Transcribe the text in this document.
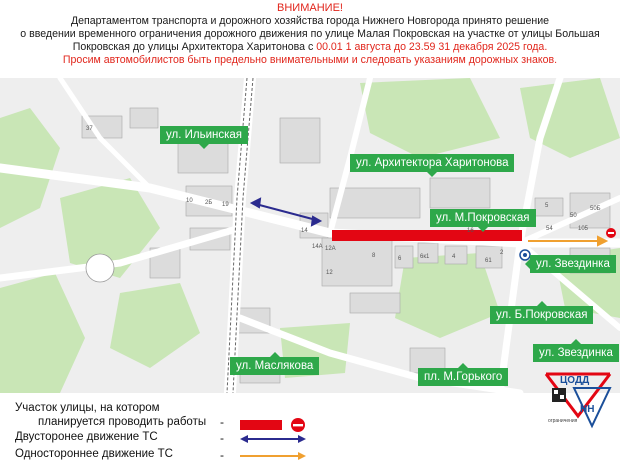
ВНИМАНИЕ!
Департаментом транспорта и дорожного хозяйства города Нижнего Новгорода принято решение
о введении временного ограничения дорожного движения по улице Малая Покровская на участке от улицы Большая
Покровская до улицы Архитектора Харитонова с 00.01 1 августа до 23.59 31 декабря 2025 года.
Просим автомобилистов быть предельно внимательными и следовать указаниям дорожных знаков.
37
10 2Б 19
14А 12А
12
14
8	6	6к1	4
61
2
54
16	105
50Б
50
5
ул. Ильинская
ул. Архитектора Харитонова
ул. М.Покровская
ул. Звездинка
ул. Б.Покровская
ул. Звездинка
ул. Маслякова
пл. М.Горького
Участок улицы, на котором
планируется проводить работы -
Двусторонее движение ТС	-
Одностороннее движение ТС	-
ЦОДД
НН
ограничения
